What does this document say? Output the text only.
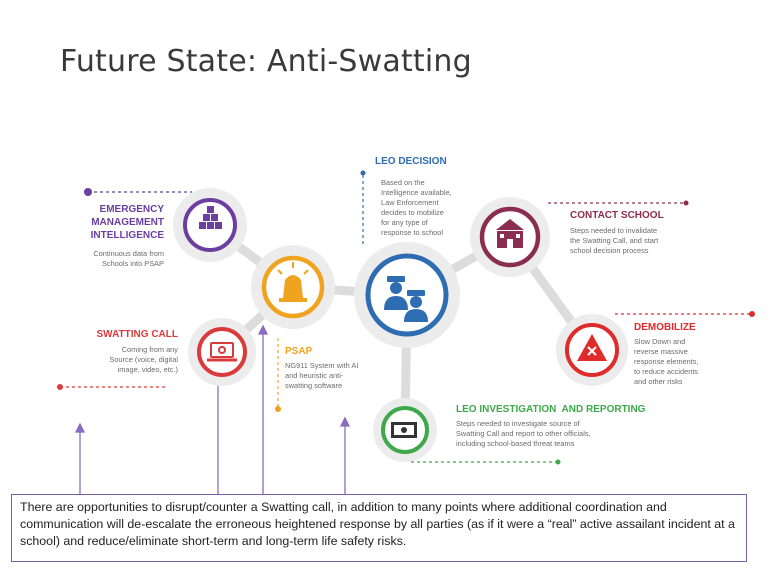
Future State: Anti-Swatting
EMERGENCY
MANAGEMENT
INTELLIGENCE
Continuous data from
Schools into PSAP
SWATTING CALL
Coming from any
Source (voice, digital
image, video, etc.)
PSAP
NG911 System with AI
and heuristic anti-
swatting software
LEO DECISION
Based on the
Intelligence available,
Law Enforcement
decides to mobilize
for any type of
response to school
CONTACT SCHOOL
Steps needed to invalidate
the Swatting Call, and start
school decision process
DEMOBILIZE
Slow Down and
reverse massive
response elements,
to reduce accidents
and other risks
LEO INVESTIGATION  AND REPORTING
Steps needed to investigate source of
Swatting Call and report to other officials,
including school-based threat teams
There are opportunities to disrupt/counter a Swatting call, in addition to many points where additional coordination and communication will de-escalate the erroneous heightened response by all parties (as if it were a “real” active assailant incident at a school) and reduce/eliminate short-term and long-term life safety risks.
